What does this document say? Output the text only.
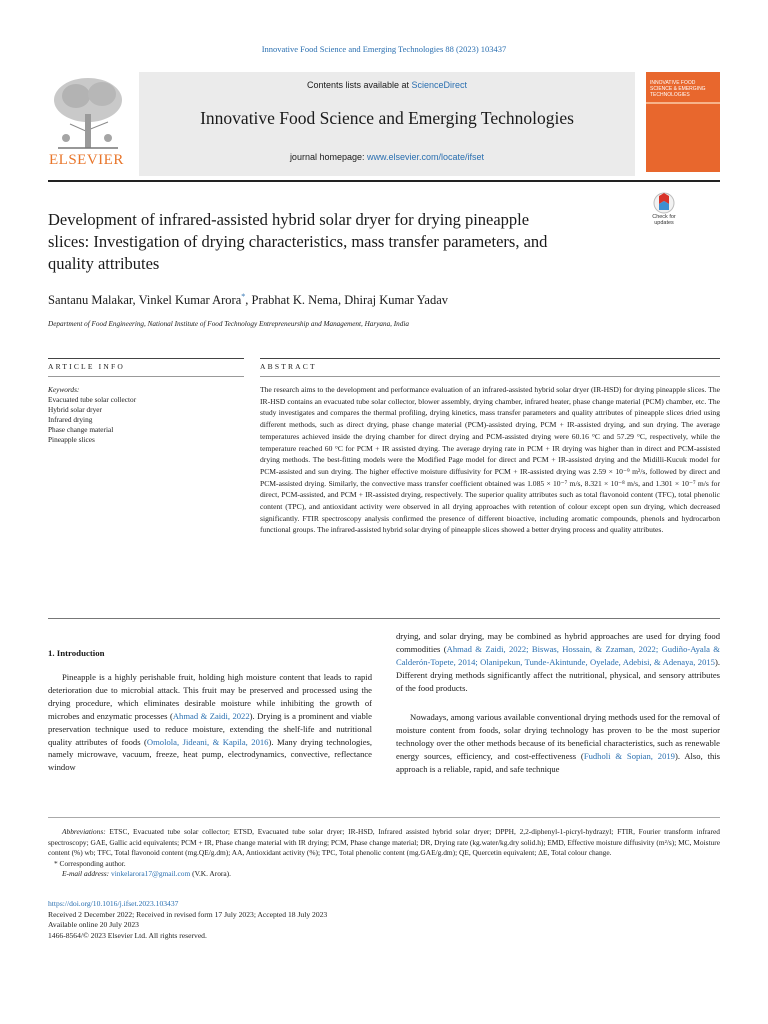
Innovative Food Science and Emerging Technologies 88 (2023) 103437
ELSEVIER
Contents lists available at ScienceDirect
Innovative Food Science and Emerging Technologies
journal homepage: www.elsevier.com/locate/ifset
INNOVATIVE FOOD SCIENCE & EMERGING TECHNOLOGIES
Development of infrared-assisted hybrid solar dryer for drying pineapple
slices: Investigation of drying characteristics, mass transfer parameters, and
quality attributes
Check for
updates
Santanu Malakar, Vinkel Kumar Arora*, Prabhat K. Nema, Dhiraj Kumar Yadav
Department of Food Engineering, National Institute of Food Technology Entrepreneurship and Management, Haryana, India
ARTICLE INFO	ABSTRACT
Keywords:
Evacuated tube solar collector
Hybrid solar dryer
Infrared drying
Phase change material
Pineapple slices
The research aims to the development and performance evaluation of an infrared-assisted hybrid solar dryer (IR-HSD) for drying pineapple slices. The IR-HSD contains an evacuated tube solar collector, blower assembly, drying chamber, infrared heater, phase change material (PCM) chamber, etc. The study investigates and compares the thermal profiling, drying kinetics, mass transfer parameters and quality attributes of pineapple slices dried using different methods, such as direct drying, phase change material (PCM)-assisted drying, PCM + IR-assisted drying, and sun drying. The average temperatures achieved inside the drying chamber for direct drying and PCM-assisted drying were 60.16 °C and 57.29 °C, respectively, while the temperature reached 60 °C for PCM + IR assisted drying. The average drying rate in PCM + IR drying was higher than in direct and PCM-assisted drying methods. The best-fitting models were the Modified Page model for direct and PCM + IR-assisted drying and the Midilli-Kucuk model for PCM-assisted and sun drying. The higher effective moisture diffusivity for PCM + IR-assisted drying was 2.59 × 10⁻⁹ m²/s, followed by direct and PCM-assisted drying. Similarly, the convective mass transfer coefficient obtained was 1.085 × 10⁻⁷ m/s, 8.321 × 10⁻⁸ m/s, and 1.301 × 10⁻⁷ m/s for direct, PCM-assisted, and PCM + IR-assisted drying, respectively. The superior quality attributes such as total flavonoid content (TFC), total phenolic content (TPC), and antioxidant activity were observed in all drying approaches with retention of colour except open sun drying, which decreased significantly. FTIR spectroscopy analysis confirmed the presence of different bioactive, including aromatic compounds, phenols and hydrocarbon functional groups. The infrared-assisted hybrid solar drying of pineapple slices showed a better drying process and quality attributes.
1. Introduction
Pineapple is a highly perishable fruit, holding high moisture content that leads to rapid deterioration due to microbial attack. This fruit may be preserved and processed using the drying procedure, which eliminates desirable moisture while inhibiting the growth of microbes and enzymatic processes (Ahmad & Zaidi, 2022). Drying is a prominent and viable preservation technique used to reduce moisture, extending the shelf-life and nutritional quality attributes of foods (Omolola, Jideani, & Kapila, 2016). Many drying technologies, namely microwave, vacuum, freeze, heat pump, electrodynamics, convective, reflectance window
drying, and solar drying, may be combined as hybrid approaches are used for drying food commodities (Ahmad & Zaidi, 2022; Biswas, Hossain, & Zzaman, 2022; Gudiño-Ayala & Calderón-Topete, 2014; Olanipekun, Tunde-Akintunde, Oyelade, Adebisi, & Adenaya, 2015). Different drying methods significantly affect the nutritional, physical, and sensory attributes of the food products.
Nowadays, among various available conventional drying methods used for the removal of moisture content from foods, solar drying technology has proven to be the most superior technology over the other methods because of its beneficial characteristics, such as renewable energy sources, efficiency, and cost-effectiveness (Fudholi & Sopian, 2019). Also, this approach is a reliable, rapid, and safe technique
Abbreviations: ETSC, Evacuated tube solar collector; ETSD, Evacuated tube solar dryer; IR-HSD, Infrared assisted hybrid solar dryer; DPPH, 2,2-diphenyl-1-picryl-hydrazyl; FTIR, Fourier transform infrared spectroscopy; GAE, Gallic acid equivalents; PCM + IR, Phase change material with IR drying; PCM, Phase change material; DR, Drying rate (kg.water/kg.dry solid.h); EMD, Effective moisture diffusivity (m²/s); MC, Moisture content (%) wb; TFC, Total flavonoid content (mg.QE/g.dm); AA, Antioxidant activity (%); TPC, Total phenolic content (mg.GAE/g.dm); QE, Quercetin equivalent; ΔE, Total colour change.
* Corresponding author.
E-mail address: vinkelarora17@gmail.com (V.K. Arora).
https://doi.org/10.1016/j.ifset.2023.103437
Received 2 December 2022; Received in revised form 17 July 2023; Accepted 18 July 2023
Available online 20 July 2023
1466-8564/© 2023 Elsevier Ltd. All rights reserved.
